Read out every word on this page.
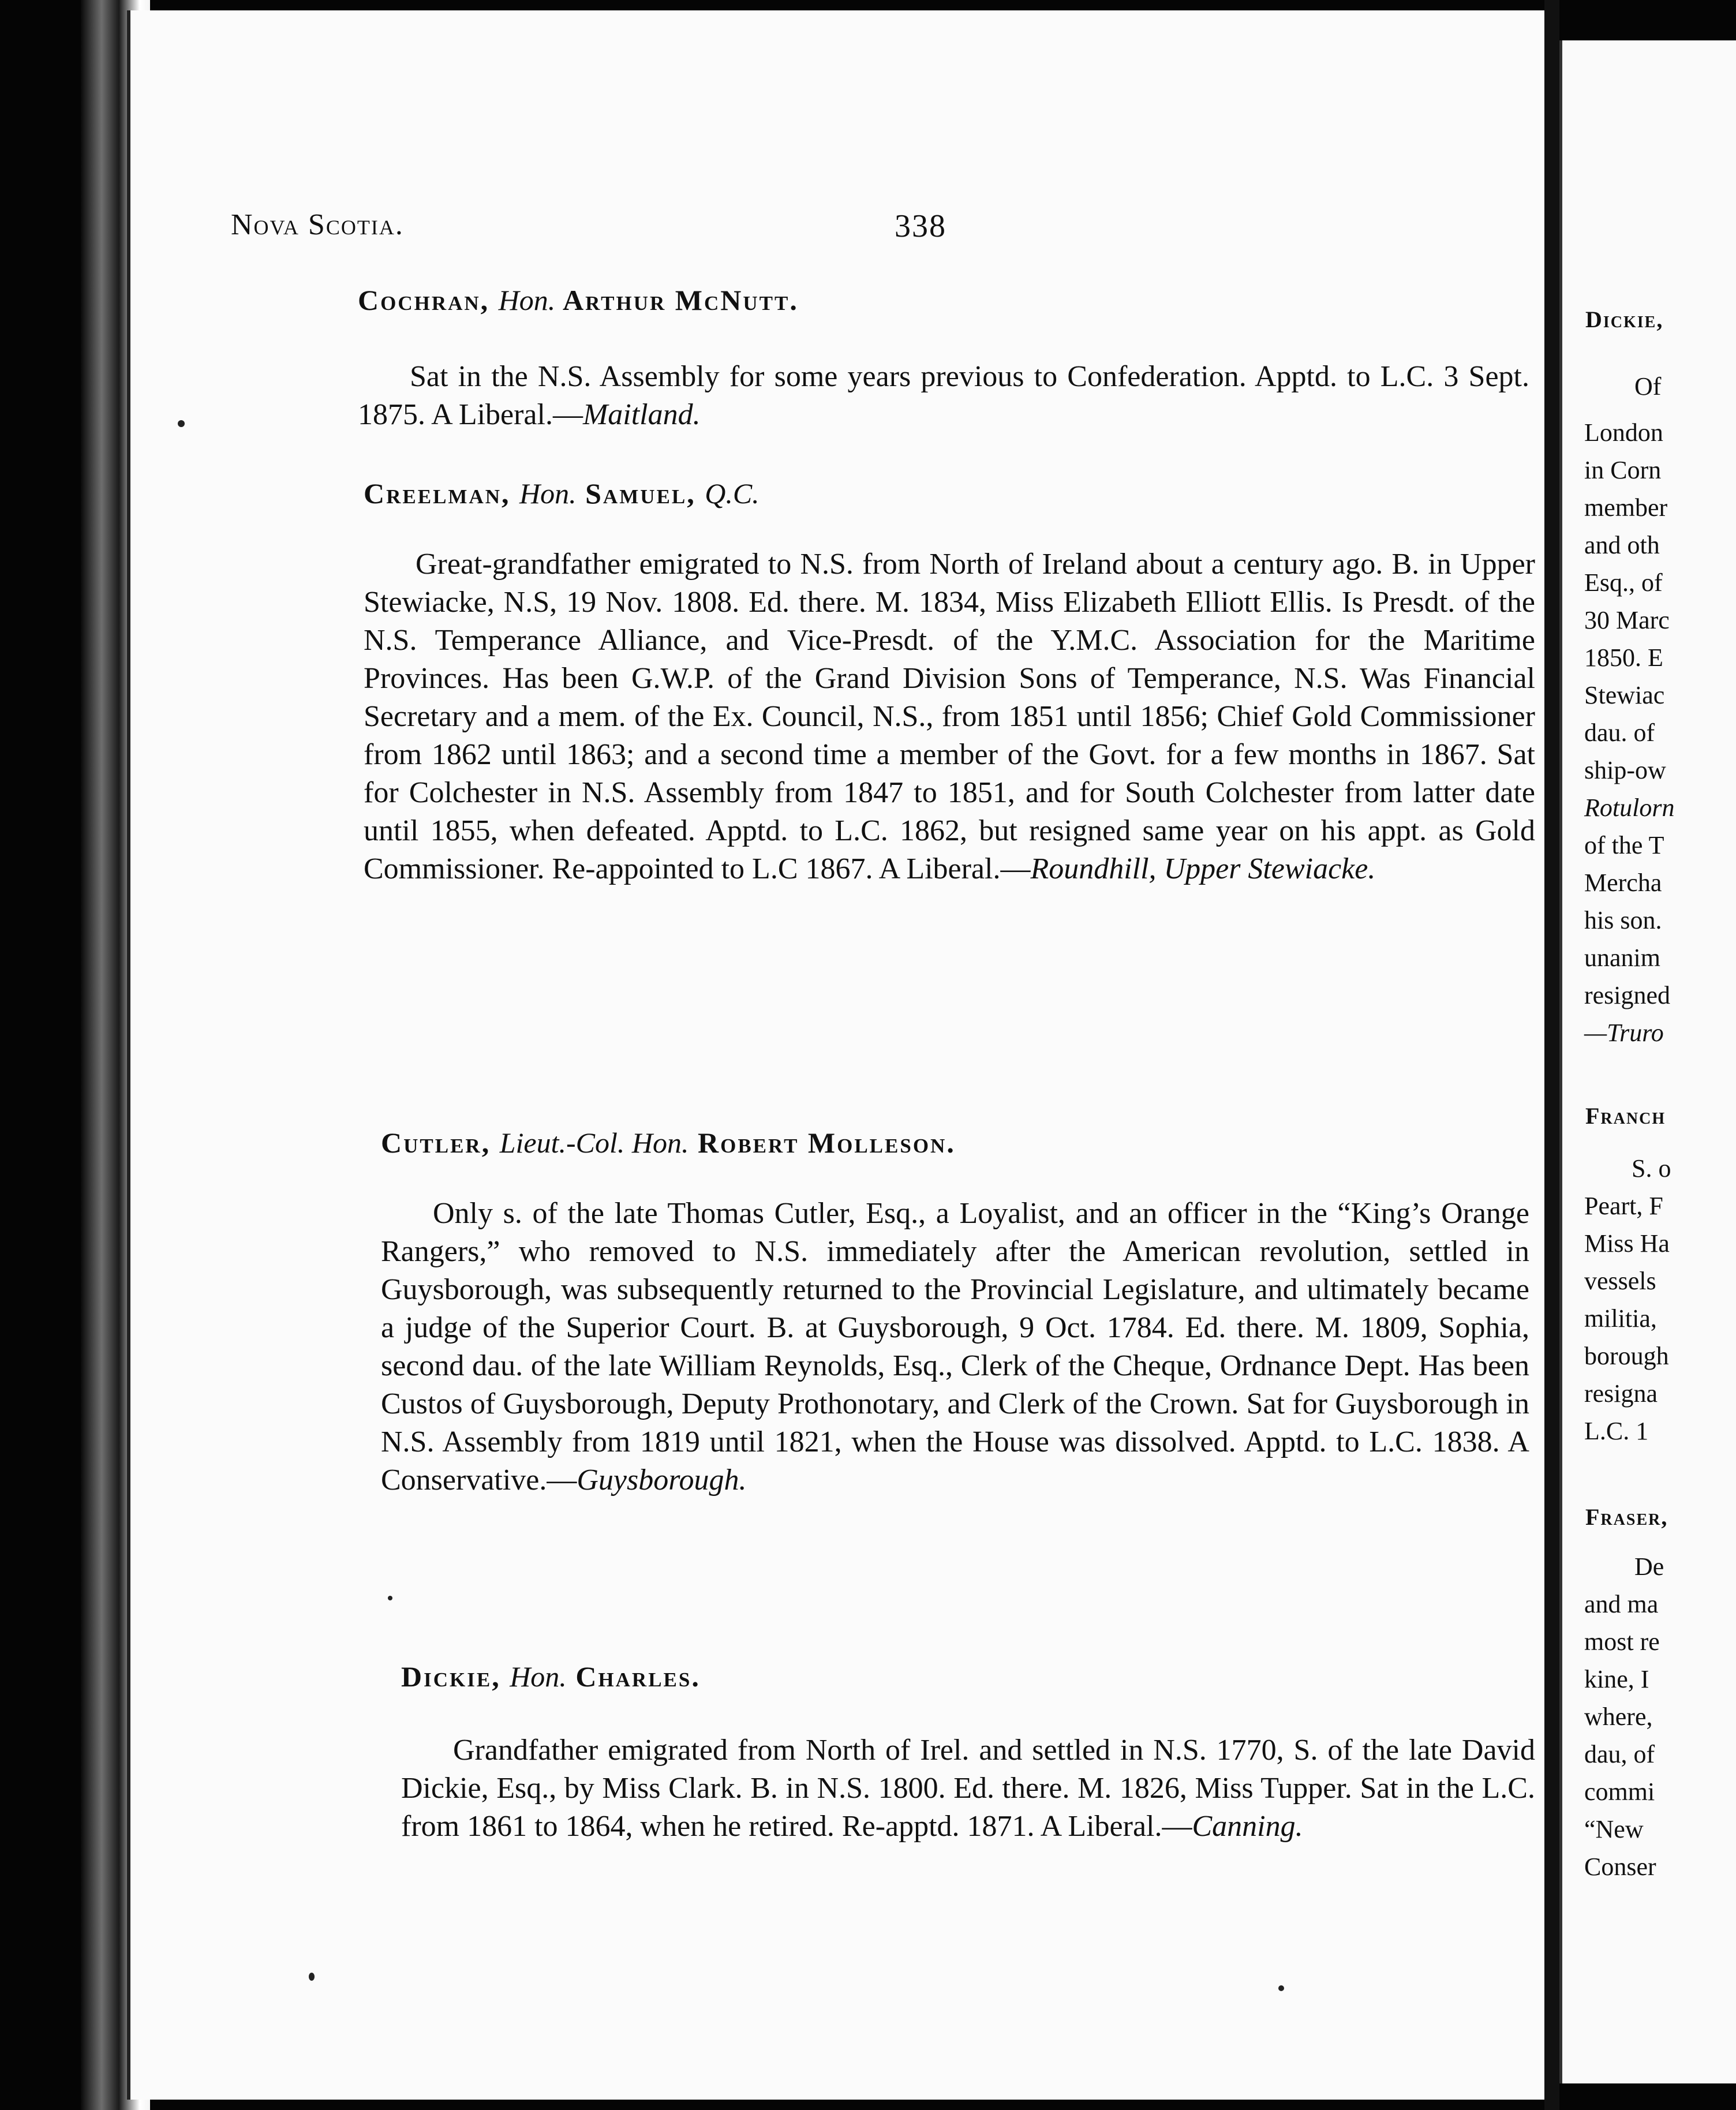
Nova Scotia.	338
Cochran, Hon. Arthur McNutt.
Sat in the N.S. Assembly for some years previous to Confederation. Apptd. to L.C. 3 Sept. 1875. A Liberal.—Maitland.
Creelman, Hon. Samuel, Q.C.
Great-grandfather emigrated to N.S. from North of Ireland about a century ago. B. in Upper Stewiacke, N.S, 19 Nov. 1808. Ed. there. M. 1834, Miss Elizabeth Elliott Ellis. Is Presdt. of the N.S. Temperance Alliance, and Vice-Presdt. of the Y.M.C. Association for the Maritime Provinces. Has been G.W.P. of the Grand Division Sons of Temperance, N.S. Was Financial Secretary and a mem. of the Ex. Council, N.S., from 1851 until 1856; Chief Gold Commissioner from 1862 until 1863; and a second time a member of the Govt. for a few months in 1867. Sat for Colchester in N.S. Assembly from 1847 to 1851, and for South Colchester from latter date until 1855, when defeated. Apptd. to L.C. 1862, but resigned same year on his appt. as Gold Commissioner. Re-appointed to L.C 1867. A Liberal.—Roundhill, Upper Stewiacke.
Cutler, Lieut.-Col. Hon. Robert Molleson.
Only s. of the late Thomas Cutler, Esq., a Loyalist, and an officer in the “King’s Orange Rangers,” who removed to N.S. immediately after the American revolution, settled in Guysborough, was subsequently returned to the Provincial Legislature, and ultimately became a judge of the Superior Court. B. at Guysborough, 9 Oct. 1784. Ed. there. M. 1809, Sophia, second dau. of the late William Reynolds, Esq., Clerk of the Cheque, Ordnance Dept. Has been Custos of Guysborough, Deputy Prothonotary, and Clerk of the Crown. Sat for Guysborough in N.S. Assembly from 1819 until 1821, when the House was dissolved. Apptd. to L.C. 1838. A Conservative.—Guysborough.
Dickie, Hon. Charles.
Grandfather emigrated from North of Irel. and settled in N.S. 1770, S. of the late David Dickie, Esq., by Miss Clark. B. in N.S. 1800. Ed. there. M. 1826, Miss Tupper. Sat in the L.C. from 1861 to 1864, when he retired. Re-apptd. 1871. A Liberal.—Canning.
Dickie,
Of
London
in Corn
member
and oth
Esq., of
30 Marc
1850. E
Stewiac
dau. of
ship-ow
Rotulorn
of the T
Mercha
his son.
unanim
resigned
—Truro
Franch
S. o
Peart, F
Miss Ha
vessels
militia,
borough
resigna
L.C. 1
Fraser,
De
and ma
most re
kine, I
where,
dau, of
commi
“New
Conser
